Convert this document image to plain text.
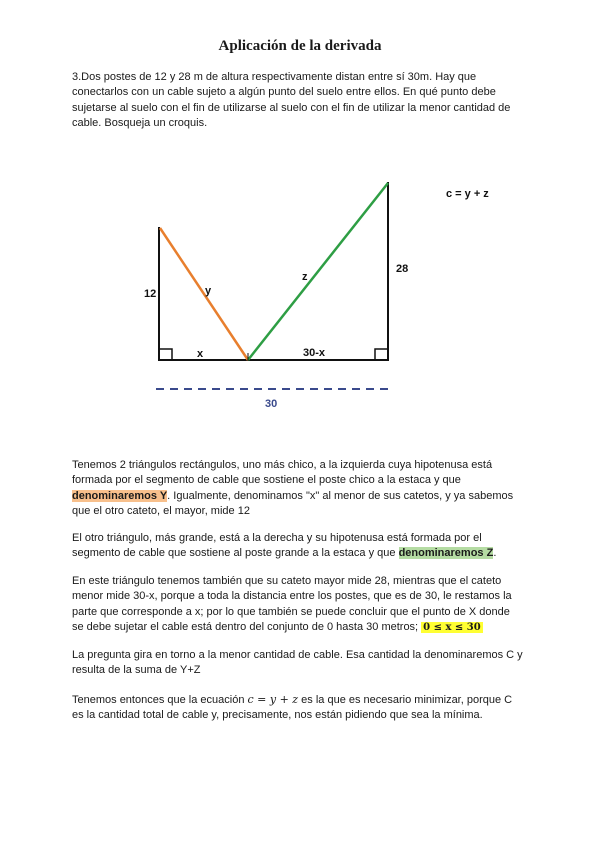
Aplicación de la derivada
3.Dos postes de 12 y 28 m de altura respectivamente distan entre sí 30m. Hay que conectarlos con un cable sujeto a algún punto del suelo entre ellos. En qué punto debe sujetarse al suelo con el fin de utilizarse al suelo con el fin de utilizar la menor cantidad de cable. Bosqueja un croquis.
12
28
y
z
x	30-x
30
c = y + z
Tenemos 2 triángulos rectángulos, uno más chico, a la izquierda cuya hipotenusa está formada por el segmento de cable que sostiene el poste chico a la estaca y que denominaremos Y. Igualmente, denominamos "x" al menor de sus catetos, y ya sabemos que el otro cateto, el mayor, mide 12
El otro triángulo, más grande, está a la derecha y su hipotenusa está formada por el segmento de cable que sostiene al poste grande a la estaca y que denominaremos Z.
En este triángulo tenemos también que su cateto mayor mide 28, mientras que el cateto menor mide 30-x, porque a toda la distancia entre los postes, que es de 30, le restamos la parte que corresponde a x; por lo que también se puede concluir que el punto de X donde se debe sujetar el cable está dentro del conjunto de 0 hasta 30 metros; 0 ≤ x ≤ 30
La pregunta gira en torno a la menor cantidad de cable. Esa cantidad la denominaremos C y resulta de la suma de Y+Z
Tenemos entonces que la ecuación c = y + z es la que es necesario minimizar, porque C es la cantidad total de cable y, precisamente, nos están pidiendo que sea la mínima.
